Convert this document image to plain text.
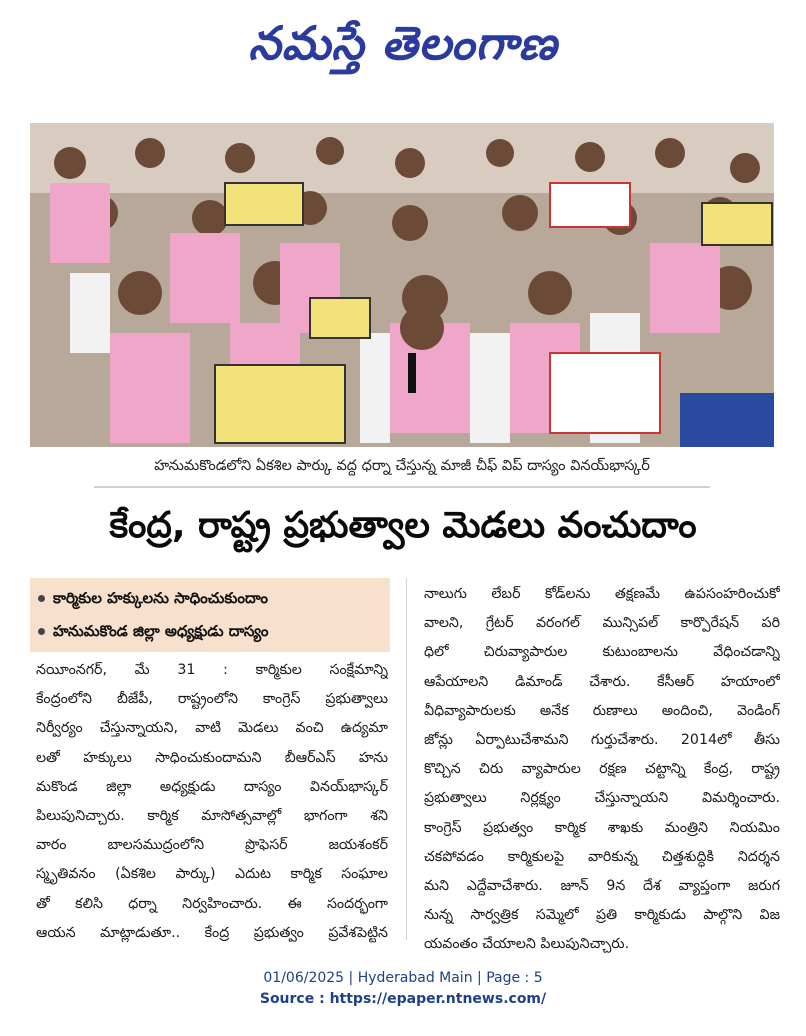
నమస్తే తెలంగాణ
హనుమకొండలోని ఏకశిల పార్కు వద్ద ధర్నా చేస్తున్న మాజీ చీఫ్ విప్ దాస్యం వినయ్‌భాస్కర్
కేంద్ర, రాష్ట్ర ప్రభుత్వాల మెడలు వంచుదాం
కార్మికుల హక్కులను సాధించుకుందాం
హనుమకొండ జిల్లా అధ్యక్షుడు దాస్యం
నయీంనగర్, మే 31 : కార్మికుల సంక్షేమాన్ని
కేంద్రంలోని బీజేపీ, రాష్ట్రంలోని కాంగ్రెస్ ప్రభుత్వాలు
నిర్వీర్యం చేస్తున్నాయని, వాటి మెడలు వంచి ఉద్యమా
లతో హక్కులు సాధించుకుందామని బీఆర్ఎస్ హను
మకొండ జిల్లా అధ్యక్షుడు దాస్యం వినయ్‌భాస్కర్
పిలుపునిచ్చారు. కార్మిక మాసోత్సవాల్లో భాగంగా శని
వారం బాలసముద్రంలోని ప్రొఫెసర్ జయశంకర్
స్మృతివనం (ఏకశిల పార్కు) ఎదుట కార్మిక సంఘాల
తో కలిసి ధర్నా నిర్వహించారు. ఈ సందర్భంగా
ఆయన మాట్లాడుతూ.. కేంద్ర ప్రభుత్వం ప్రవేశపెట్టిన
నాలుగు లేబర్ కోడ్‌లను తక్షణమే ఉపసంహరించుకో
వాలని, గ్రేటర్ వరంగల్ మున్సిపల్ కార్పొరేషన్ పరి
ధిలో చిరువ్యాపారుల కుటుంబాలను వేధించడాన్ని
ఆపేయాలని డిమాండ్ చేశారు. కేసీఆర్ హయాంలో
వీధివ్యాపారులకు అనేక రుణాలు అందించి, వెండింగ్
జోన్లు ఏర్పాటుచేశామని గుర్తుచేశారు. 2014లో తీసు
కొచ్చిన చిరు వ్యాపారుల రక్షణ చట్టాన్ని కేంద్ర, రాష్ట్ర
ప్రభుత్వాలు నిర్లక్ష్యం చేస్తున్నాయని విమర్శించారు.
కాంగ్రెస్ ప్రభుత్వం కార్మిక శాఖకు మంత్రిని నియమిం
చకపోవడం కార్మికులపై వారికున్న చిత్తశుద్ధికి నిదర్శన
మని ఎద్దేవాచేశారు. జూన్ 9న దేశ వ్యాప్తంగా జరుగ
నున్న సార్వత్రిక సమ్మెలో ప్రతి కార్మికుడు పాల్గొని విజ
యవంతం చేయాలని పిలుపునిచ్చారు.
01/06/2025 | Hyderabad Main | Page : 5
Source : https://epaper.ntnews.com/
